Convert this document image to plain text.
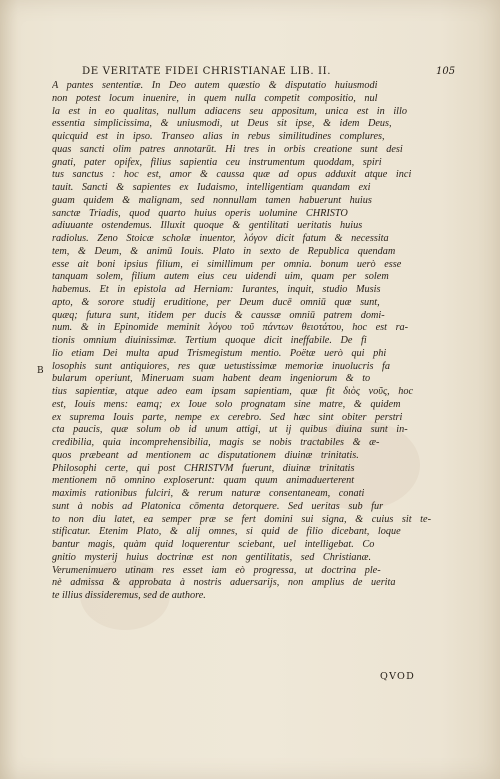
DE VERITATE FIDEI CHRISTIANAE LIB. II.	105
B
A pantes sententiæ. In Deo autem quæstio & disputatio huiusmodi
non potest locum inuenire, in quem nulla competit compositio, nul
la est in eo qualitas, nullum adiacens seu appositum, unica est in illo
essentia simplicissima, & uniusmodi, ut Deus sit ipse, & idem Deus,
quicquid est in ipso. Transeo alias in rebus similitudines complures,
quas sancti olim patres annotarūt. Hi tres in orbis creatione sunt desi
gnati, pater opifex, filius sapientia ceu instrumentum quoddam, spiri
tus sanctus : hoc est, amor & caussa quæ ad opus adduxit atque inci
tauit. Sancti & sapientes ex Iudaismo, intelligentiam quandam exi
guam quidem & malignam, sed nonnullam tamen habuerunt huius
sanctæ Triadis, quod quarto huius operis uolumine CHRISTO
adiuuante ostendemus. Illuxit quoque & gentilitati ueritatis huius
radiolus. Zeno Stoicæ scholæ inuentor, λόγον dicit fatum & necessita
tem, & Deum, & animū Iouis. Plato in sexto de Republica quendam
esse ait boni ipsius filium, ei simillimum per omnia. bonum uerò esse
tanquam solem, filium autem eius ceu uidendi uim, quam per solem
habemus. Et in epistola ad Herniam: Iurantes, inquit, studio Musis
apto, & sorore studij eruditione, per Deum ducē omniū quæ sunt,
quæq; futura sunt, itidem per ducis & caussæ omniū patrem domi-
num. & in Epinomide meminit λόγου τοῦ πάντων θειοτάτου, hoc est ra-
tionis omnium diuinissimæ. Tertium quoque dicit ineffabile. De fi
lio etiam Dei multa apud Trismegistum mentio. Poëtæ uerò qui phi
losophis sunt antiquiores, res quæ uetustissimæ memoriæ inuolucris fa
bularum operiunt, Mineruam suam habent deam ingeniorum & to
tius sapientiæ, atque adeo eam ipsam sapientiam, quæ fit διὸς νοῦς, hoc
est, Iouis mens: eamq; ex Ioue solo prognatam sine matre, & quidem
ex suprema Iouis parte, nempe ex cerebro. Sed hæc sint obiter perstri
cta paucis, quæ solum ob id unum attigi, ut ij quibus diuina sunt in-
credibilia, quia incomprehensibilia, magis se nobis tractabiles & æ-
quos præbeant ad mentionem ac disputationem diuinæ trinitatis.
Philosophi certe, qui post CHRISTVM fuerunt, diuinæ trinitatis
mentionem nō omnino exploserunt: quam quum animaduerterent
maximis rationibus fulciri, & rerum naturæ consentaneam, conati
sunt à nobis ad Platonica cōmenta detorquere. Sed ueritas sub fur
to non diu latet, ea semper præ se fert domini sui signa, & cuius sit te-
stificatur. Etenim Plato, & alij omnes, si quid de filio dicebant, loque
bantur magis, quàm quid loquerentur sciebant, uel intelligebat. Co
gnitio mysterij huius doctrinæ est non gentilitatis, sed Christianæ.
Verumenimuero utinam res esset iam eò progressa, ut doctrina ple-
nè admissa & approbata à nostris aduersarijs, non amplius de uerita
te illius dissideremus, sed de authore.
QVOD
